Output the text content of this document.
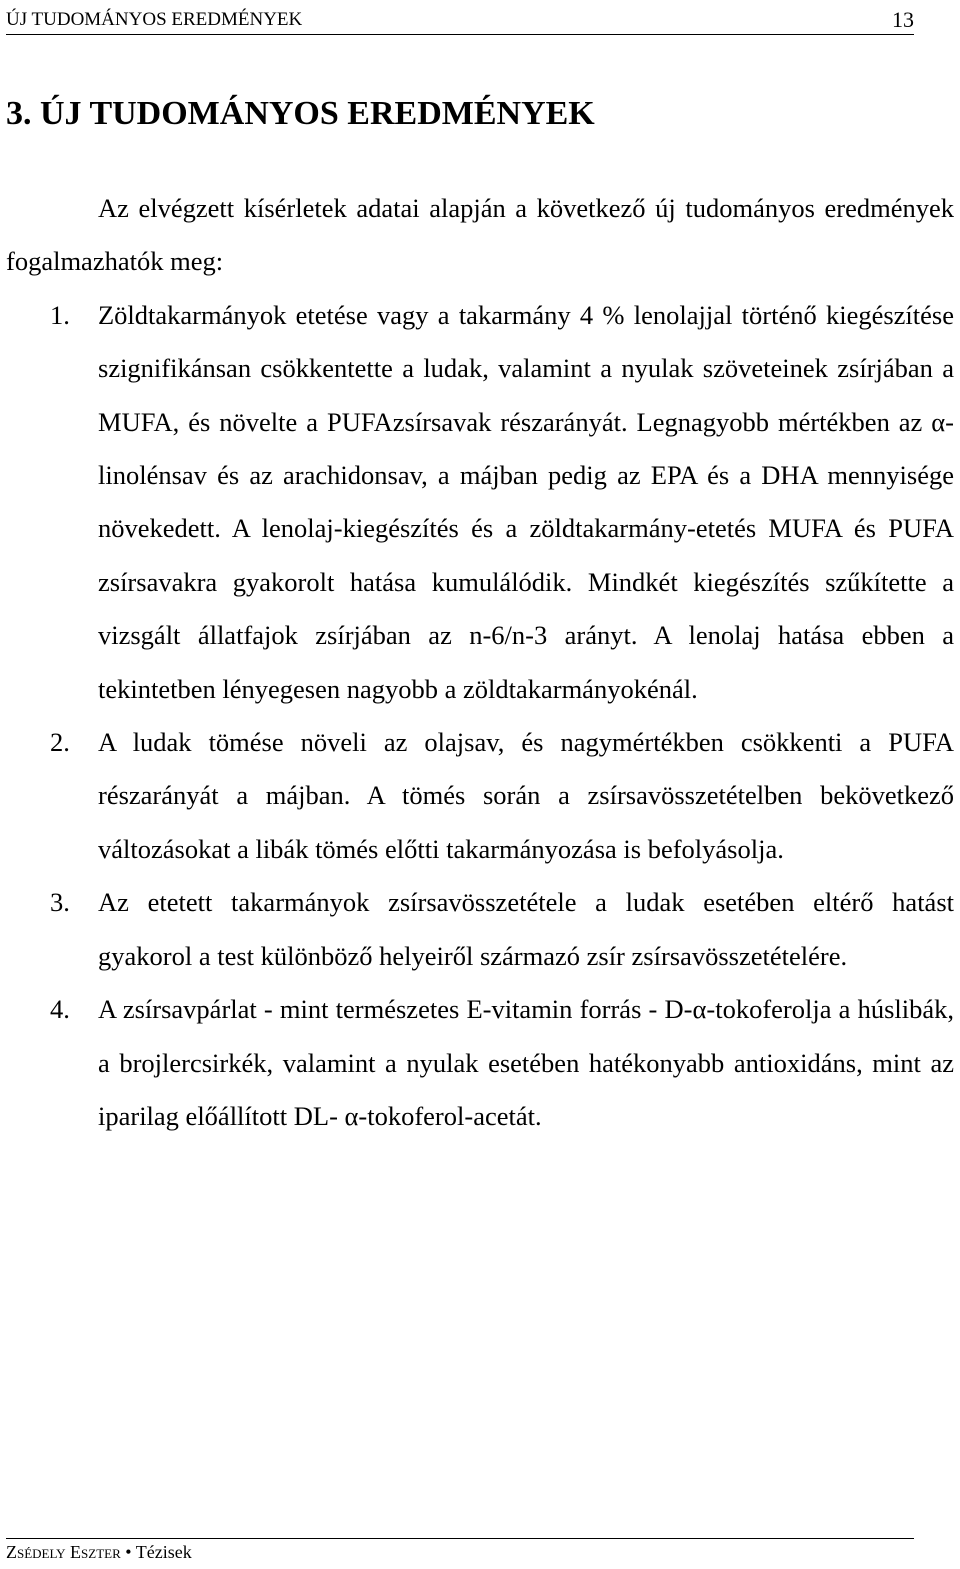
ÚJ TUDOMÁNYOS EREDMÉNYEK	13
3. ÚJ TUDOMÁNYOS EREDMÉNYEK

Az elvégzett kísérletek adatai alapján a következő új tudományos eredmények fogalmazhatók meg:

1. Zöldtakarmányok etetése vagy a takarmány 4 % lenolajjal történő kiegészítése szignifikánsan csökkentette a ludak, valamint a nyulak szöveteinek zsírjában a MUFA, és növelte a PUFAzsírsavak részarányát. Legnagyobb mértékben az α-linolénsav és az arachidonsav, a májban pedig az EPA és a DHA mennyisége növekedett. A lenolaj-kiegészítés és a zöldtakarmány-etetés MUFA és PUFA zsírsavakra gyakorolt hatása kumulálódik. Mindkét kiegészítés szűkítette a vizsgált állatfajok zsírjában az n-6/n-3 arányt. A lenolaj hatása ebben a tekintetben lényegesen nagyobb a zöldtakarmányokénál.
2. A ludak tömése növeli az olajsav, és nagymértékben csökkenti a PUFA részarányát a májban. A tömés során a zsírsavösszetételben bekövetkező változásokat a libák tömés előtti takarmányozása is befolyásolja.
3. Az etetett takarmányok zsírsavösszetétele a ludak esetében eltérő hatást gyakorol a test különböző helyeiről származó zsír zsírsavösszetételére.
4. A zsírsavpárlat - mint természetes E-vitamin forrás - D-α-tokoferolja a húslibák, a brojlercsirkék, valamint a nyulak esetében hatékonyabb antioxidáns, mint az iparilag előállított DL- α-tokoferol-acetát.
Zsédely Eszter • Tézisek
